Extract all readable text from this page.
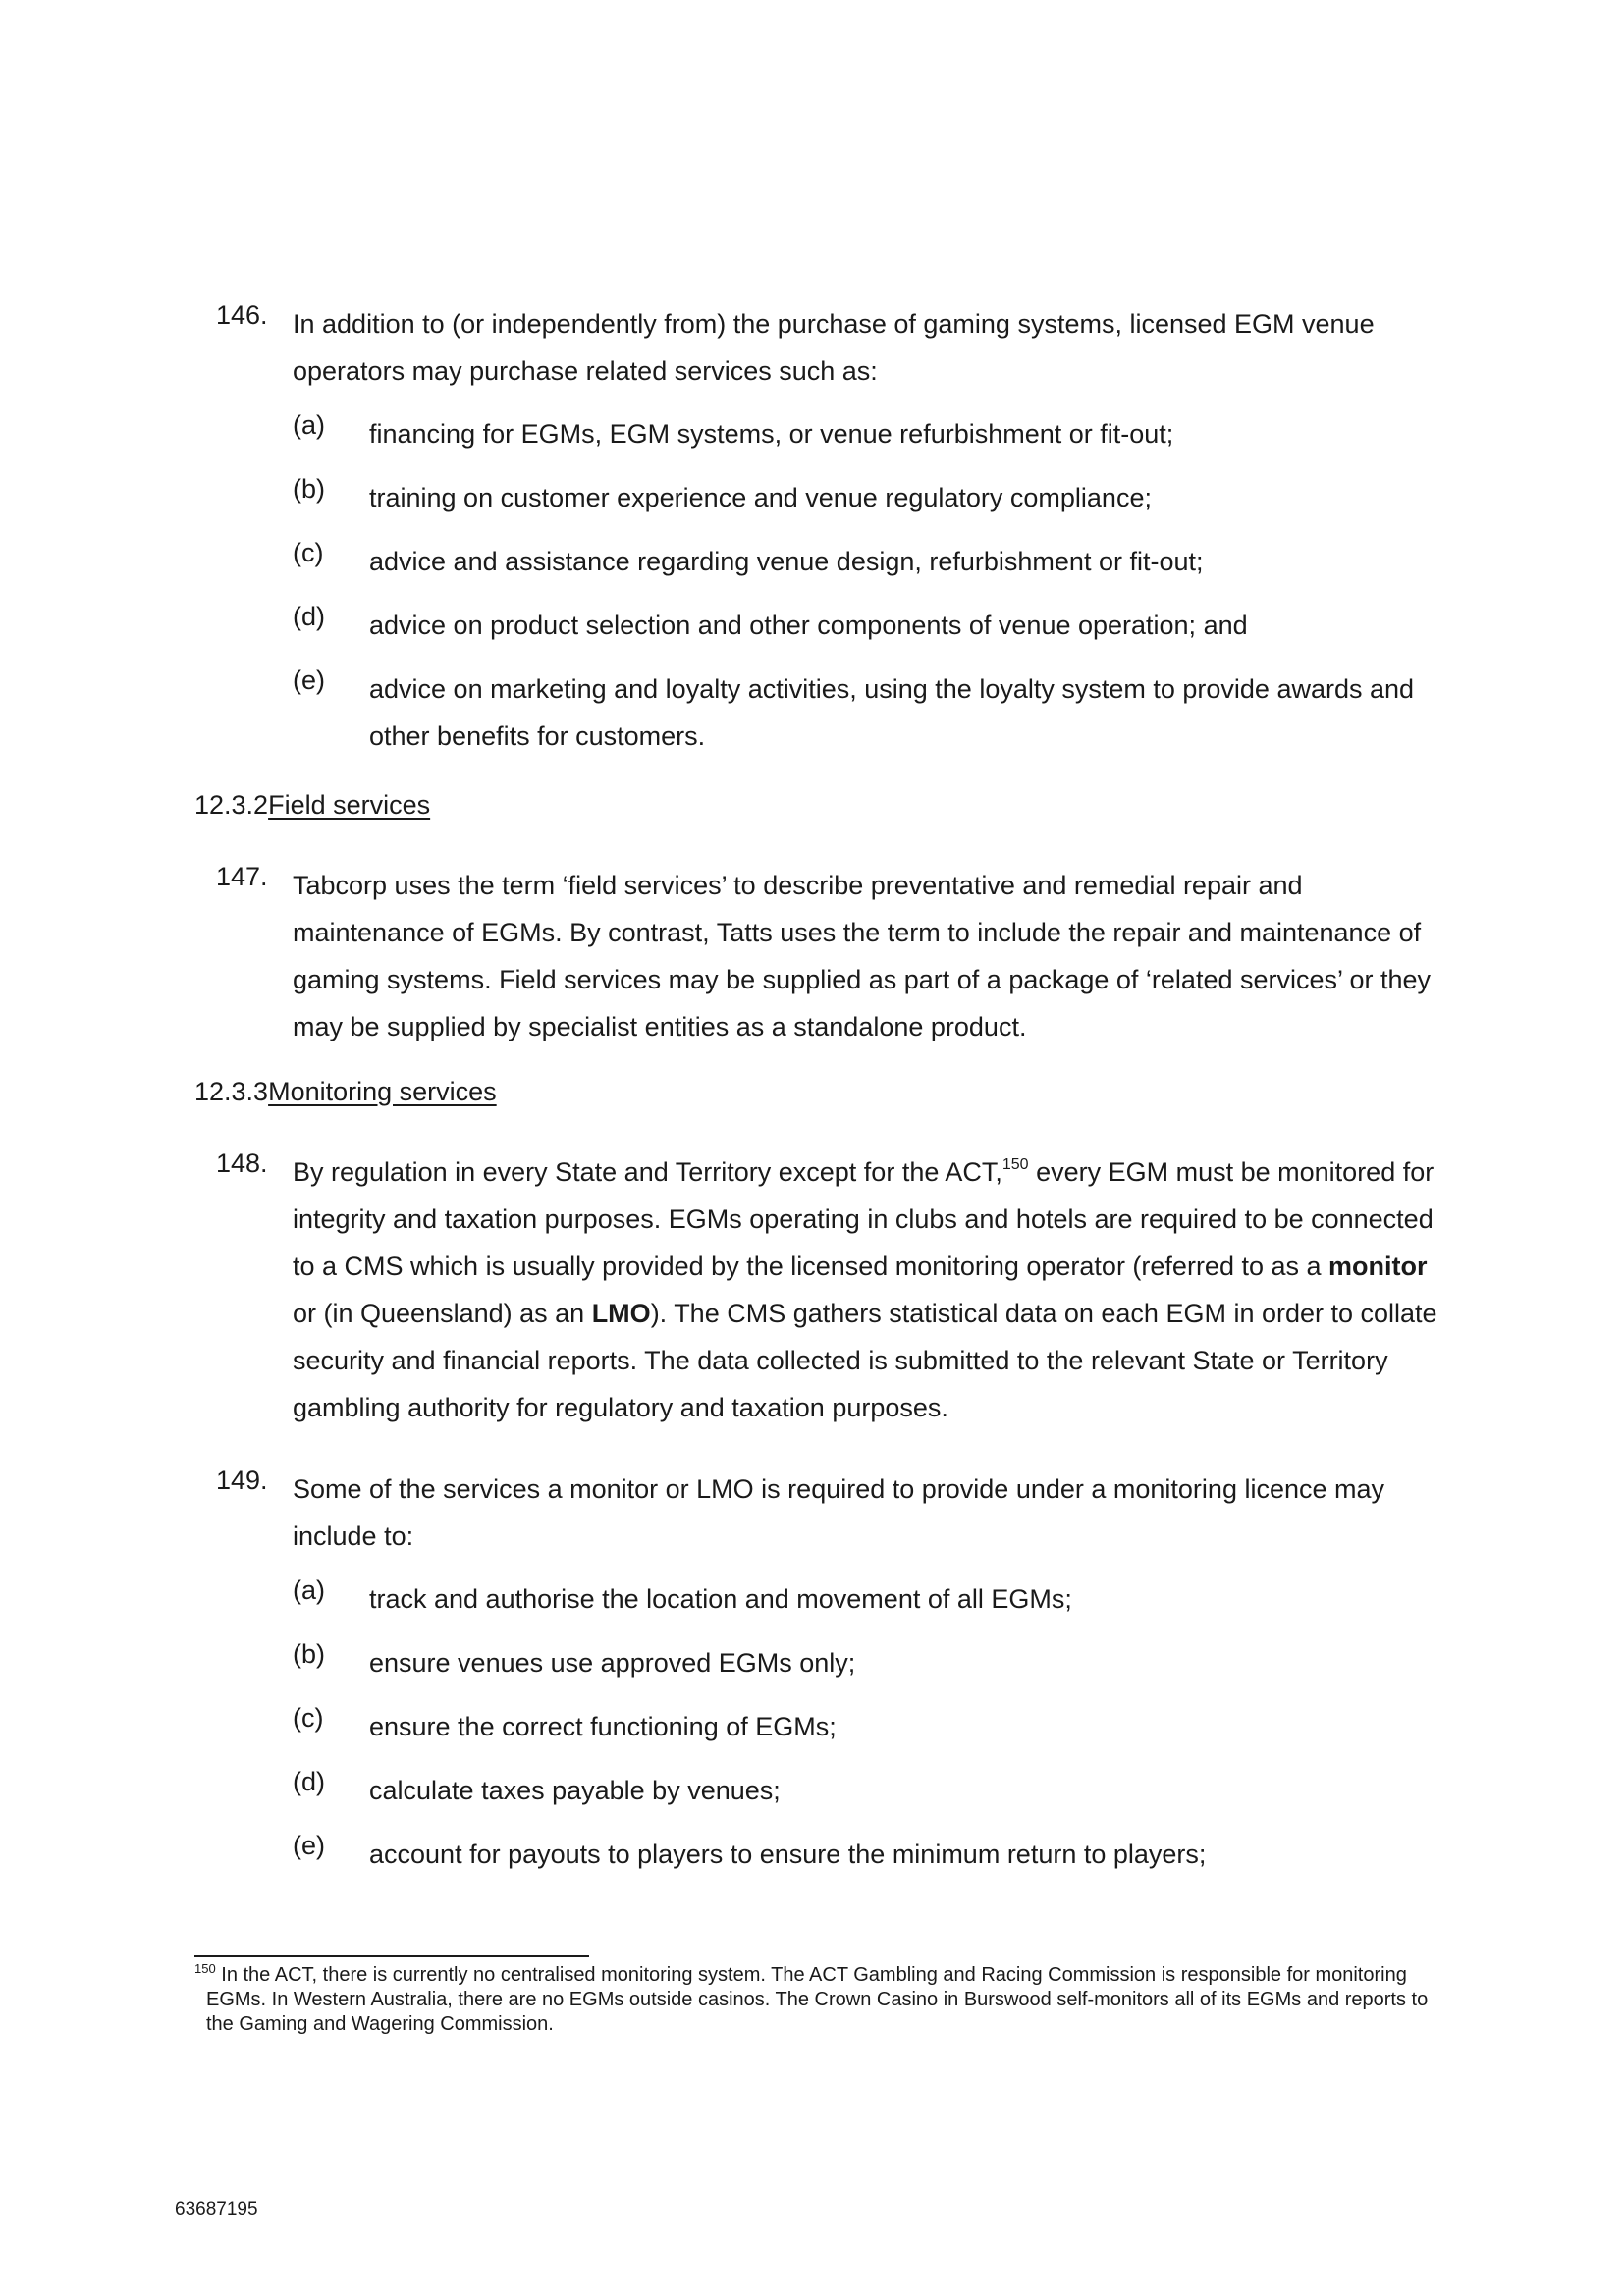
146. In addition to (or independently from) the purchase of gaming systems, licensed EGM venue operators may purchase related services such as:
(a)	financing for EGMs, EGM systems, or venue refurbishment or fit-out;
(b)	training on customer experience and venue regulatory compliance;
(c)	advice and assistance regarding venue design, refurbishment or fit-out;
(d)	advice on product selection and other components of venue operation; and
(e)	advice on marketing and loyalty activities, using the loyalty system to provide awards and other benefits for customers.
12.3.2Field services
147. Tabcorp uses the term ‘field services’ to describe preventative and remedial repair and maintenance of EGMs. By contrast, Tatts uses the term to include the repair and maintenance of gaming systems. Field services may be supplied as part of a package of ‘related services’ or they may be supplied by specialist entities as a standalone product.
12.3.3Monitoring services
148. By regulation in every State and Territory except for the ACT,$^{150}$ every EGM must be monitored for integrity and taxation purposes. EGMs operating in clubs and hotels are required to be connected to a CMS which is usually provided by the licensed monitoring operator (referred to as a monitor or (in Queensland) as an LMO). The CMS gathers statistical data on each EGM in order to collate security and financial reports. The data collected is submitted to the relevant State or Territory gambling authority for regulatory and taxation purposes.
149. Some of the services a monitor or LMO is required to provide under a monitoring licence may include to:
(a)	track and authorise the location and movement of all EGMs;
(b)	ensure venues use approved EGMs only;
(c)	ensure the correct functioning of EGMs;
(d)	calculate taxes payable by venues;
(e)	account for payouts to players to ensure the minimum return to players;
$^{150}$ In the ACT, there is currently no centralised monitoring system. The ACT Gambling and Racing Commission is responsible for monitoring EGMs. In Western Australia, there are no EGMs outside casinos. The Crown Casino in Burswood self-monitors all of its EGMs and reports to the Gaming and Wagering Commission.
63687195
